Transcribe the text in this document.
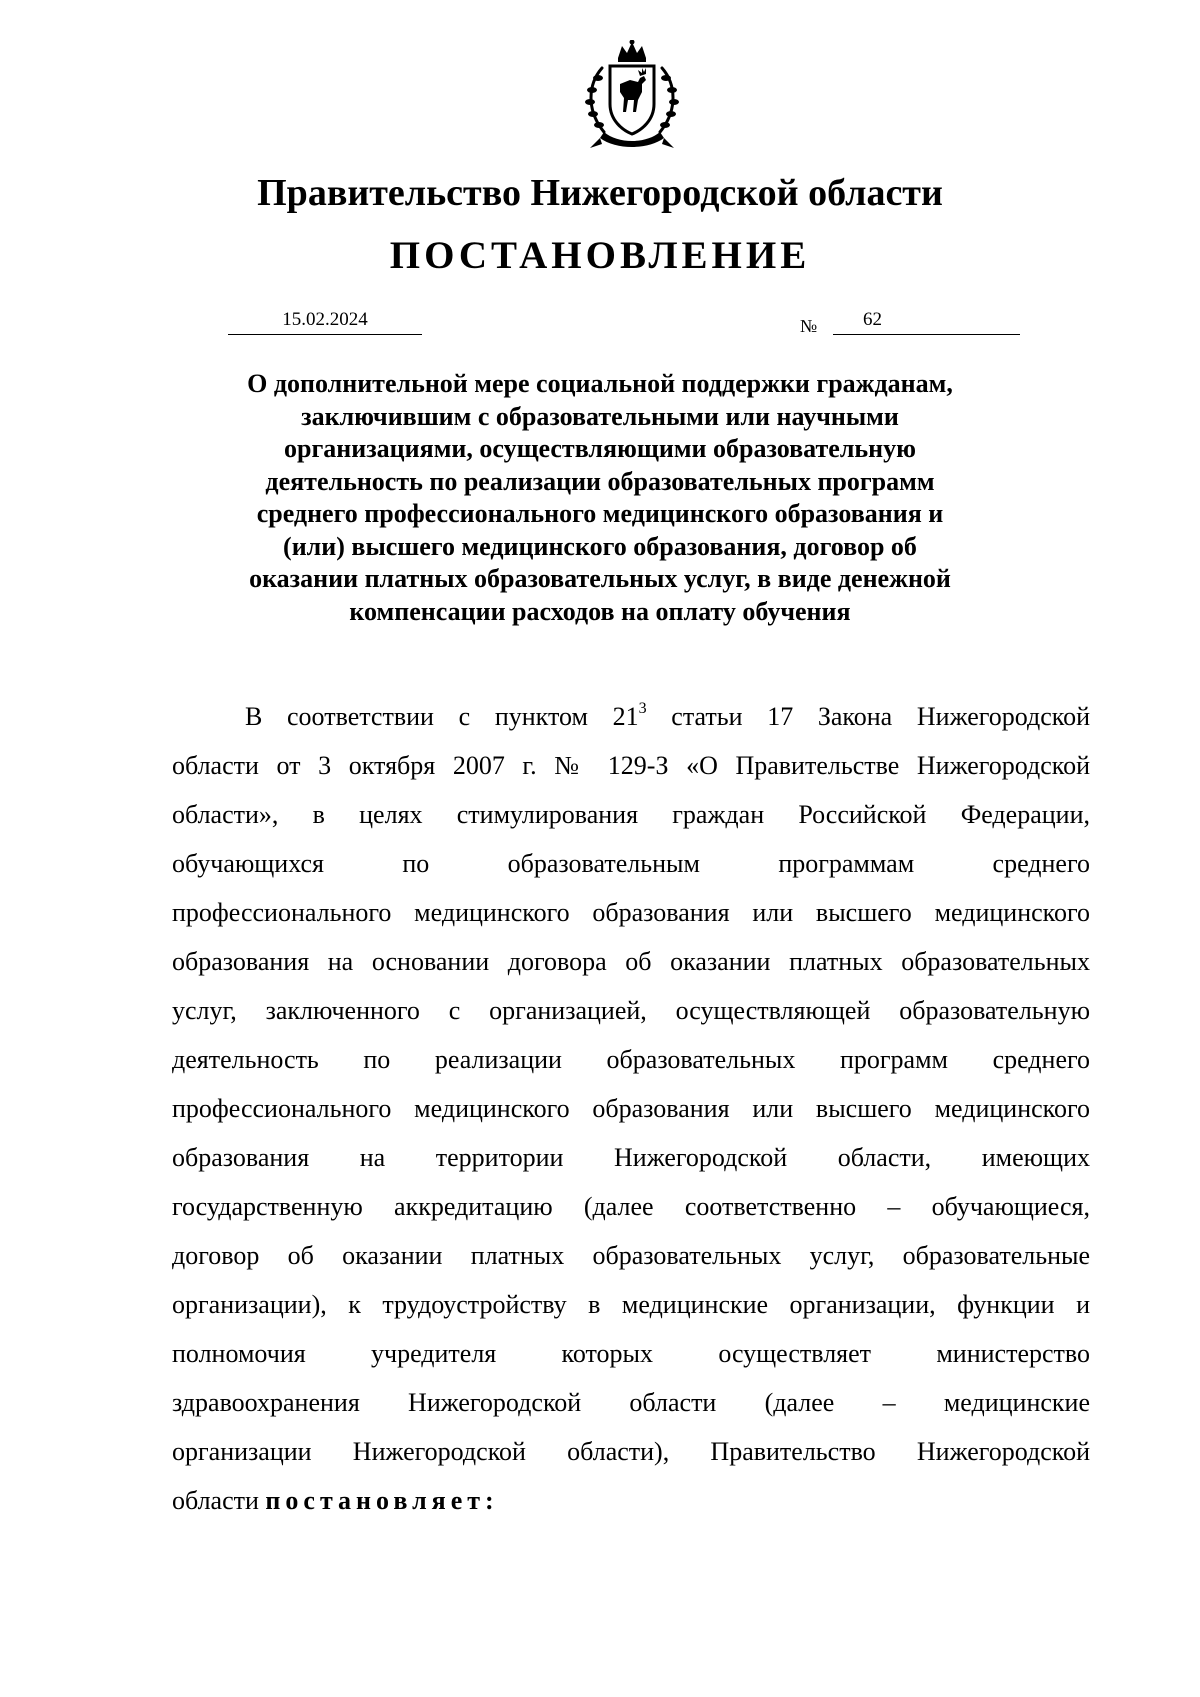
Правительство Нижегородской области
ПОСТАНОВЛЕНИЕ
15.02.2024	№ 62
О дополнительной мере социальной поддержки гражданам,
заключившим с образовательными или научными
организациями, осуществляющими образовательную
деятельность по реализации образовательных программ
среднего профессионального медицинского образования и
(или) высшего медицинского образования, договор об
оказании платных образовательных услуг, в виде денежной
компенсации расходов на оплату обучения
В соответствии с пунктом $21^3$ статьи 17 Закона Нижегородской
области от 3 октября 2007 г. № 129-З «О Правительстве Нижегородской
области», в целях стимулирования граждан Российской Федерации,
обучающихся по образовательным программам среднего
профессионального медицинского образования или высшего медицинского
образования на основании договора об оказании платных образовательных
услуг, заключенного с организацией, осуществляющей образовательную
деятельность по реализации образовательных программ среднего
профессионального медицинского образования или высшего медицинского
образования на территории Нижегородской области, имеющих
государственную аккредитацию (далее соответственно – обучающиеся,
договор об оказании платных образовательных услуг, образовательные
организации), к трудоустройству в медицинские организации, функции и
полномочия учредителя которых осуществляет министерство
здравоохранения Нижегородской области (далее – медицинские
организации Нижегородской области), Правительство Нижегородской
области постановляет:
